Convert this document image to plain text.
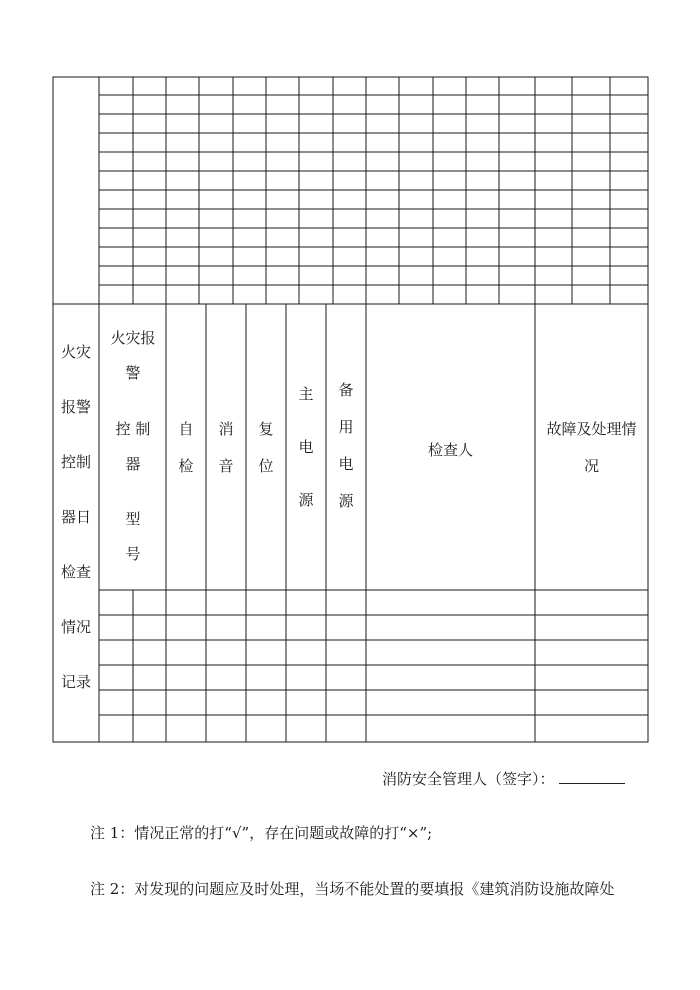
火灾
报警
控制
器日
检查
情况
记录
火灾报
警
控 制
器
型
号
自
检
消
音
复
位
主
电
源
备
用
电
源
检查人
故障及处理情
况
消防安全管理人（签字）：
注 1：情况正常的打“√”，存在问题或故障的打“×”;
注 2：对发现的问题应及时处理，当场不能处置的要填报《建筑消防设施故障处
